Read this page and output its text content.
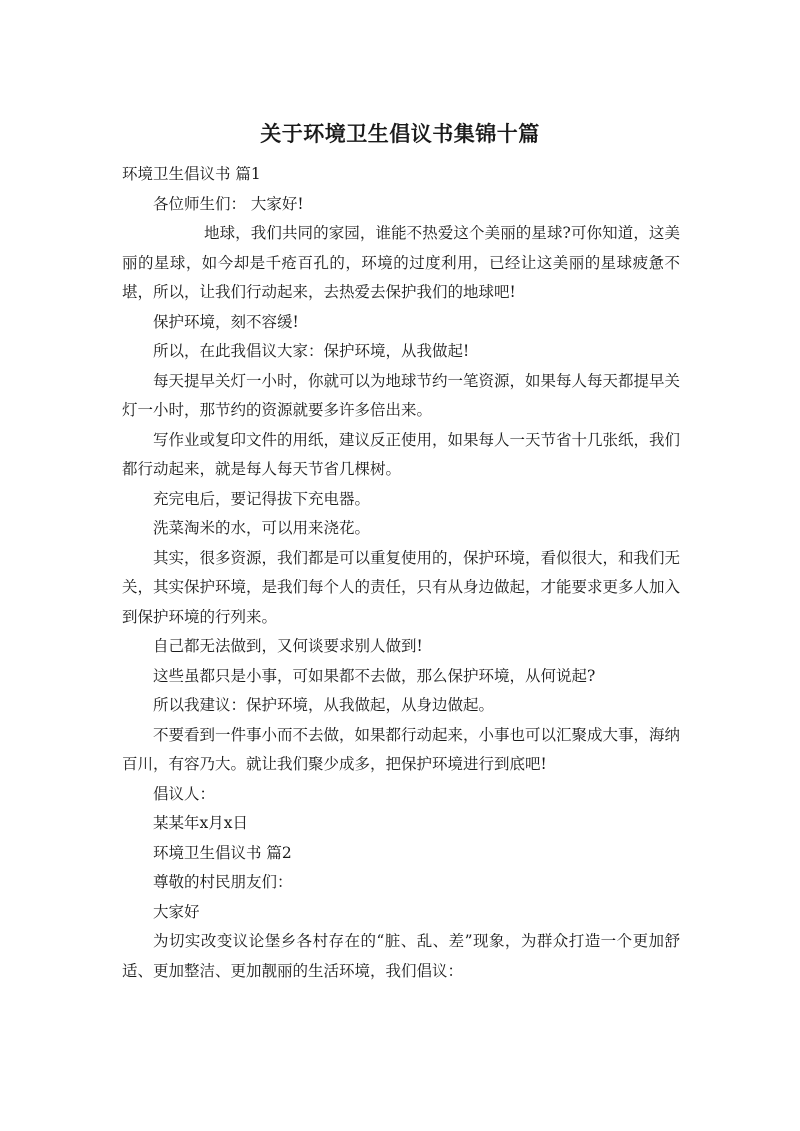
关于环境卫生倡议书集锦十篇

环境卫生倡议书 篇1

各位师生们： 大家好!

地球，我们共同的家园，谁能不热爱这个美丽的星球?可你知道，这美丽的星球，如今却是千疮百孔的，环境的过度利用，已经让这美丽的星球疲惫不堪，所以，让我们行动起来，去热爱去保护我们的地球吧!

保护环境，刻不容缓!

所以，在此我倡议大家：保护环境，从我做起!

每天提早关灯一小时，你就可以为地球节约一笔资源，如果每人每天都提早关灯一小时，那节约的资源就要多许多倍出来。

写作业或复印文件的用纸，建议反正使用，如果每人一天节省十几张纸，我们都行动起来，就是每人每天节省几棵树。

充完电后，要记得拔下充电器。

洗菜淘米的水，可以用来浇花。

其实，很多资源，我们都是可以重复使用的，保护环境，看似很大，和我们无关，其实保护环境，是我们每个人的责任，只有从身边做起，才能要求更多人加入到保护环境的行列来。

自己都无法做到，又何谈要求别人做到!

这些虽都只是小事，可如果都不去做，那么保护环境，从何说起?

所以我建议：保护环境，从我做起，从身边做起。

不要看到一件事小而不去做，如果都行动起来，小事也可以汇聚成大事，海纳百川，有容乃大。就让我们聚少成多，把保护环境进行到底吧!

倡议人：

某某年x月x日

环境卫生倡议书 篇2

尊敬的村民朋友们：

大家好

为切实改变议论堡乡各村存在的“脏、乱、差”现象，为群众打造一个更加舒适、更加整洁、更加靓丽的生活环境，我们倡议：
